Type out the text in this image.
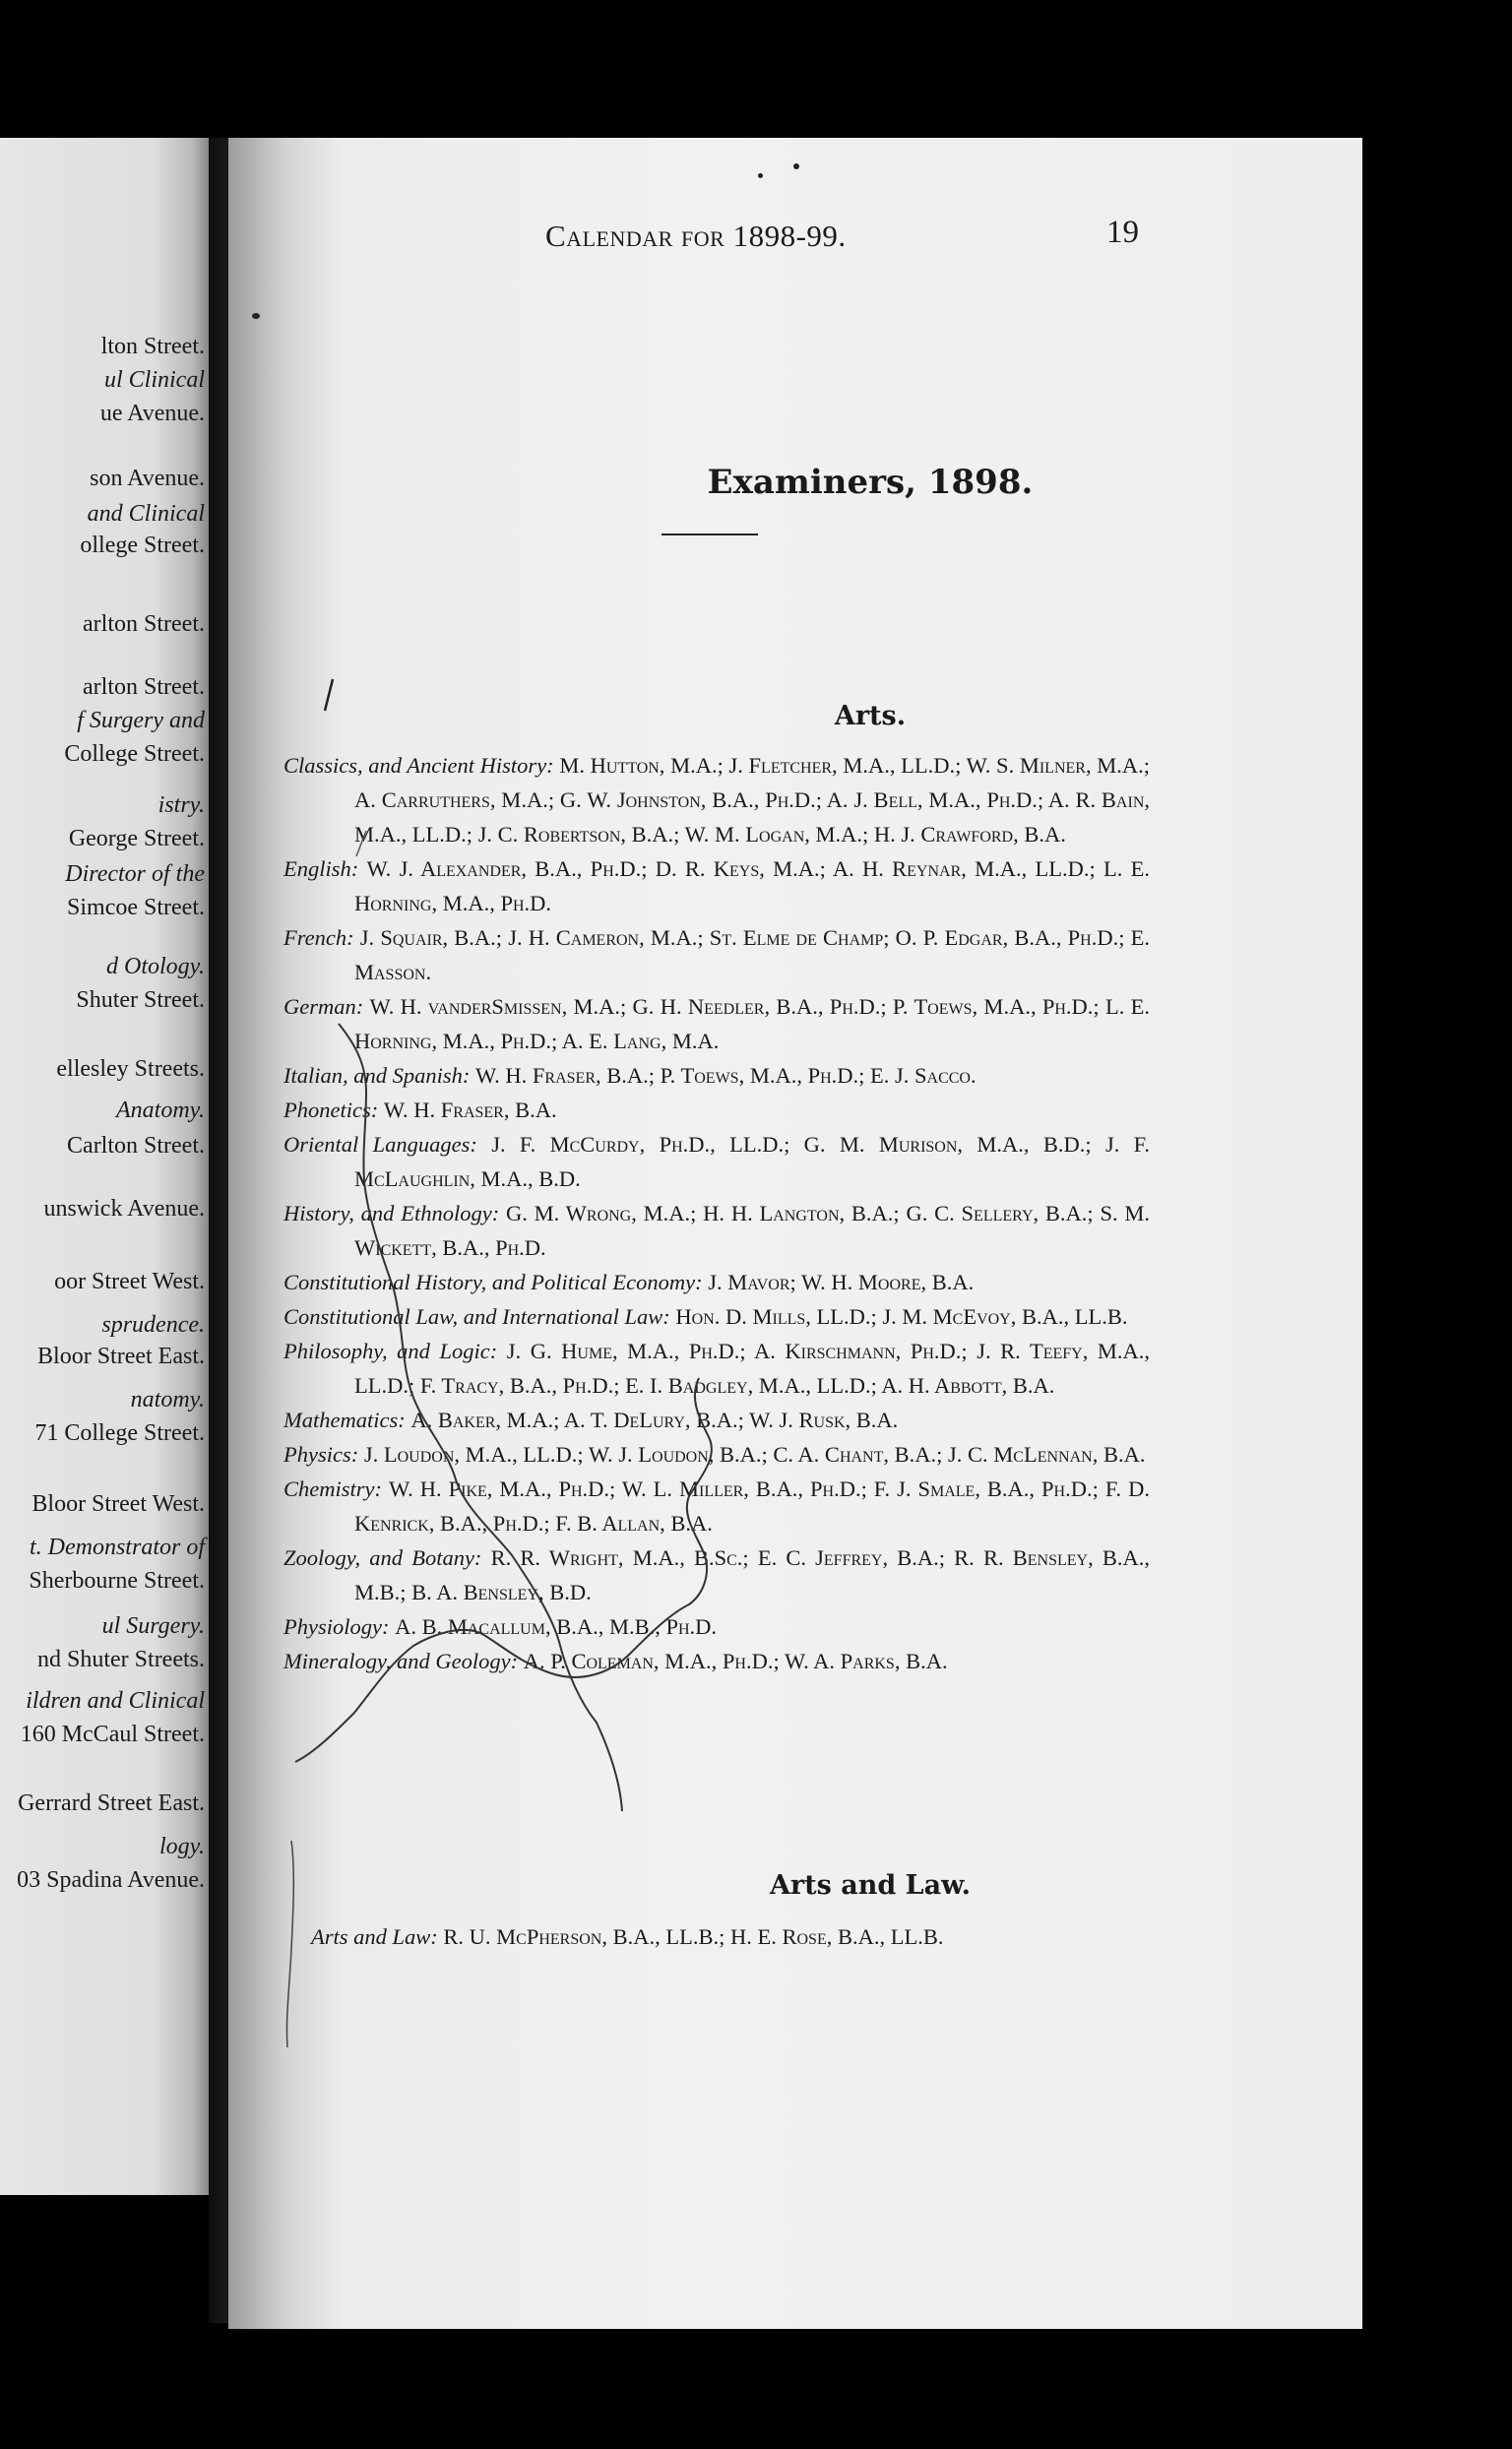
lton Street.
ul Clinical
ue Avenue.
son Avenue.
and Clinical
ollege Street.
arlton Street.
arlton Street.
f Surgery and
College Street.
istry.
George Street.
Director of the
Simcoe Street.
d Otology.
Shuter Street.
ellesley Streets.
Anatomy.
Carlton Street.
unswick Avenue.
oor Street West.
sprudence.
Bloor Street East.
natomy.
71 College Street.
Bloor Street West.
t. Demonstrator of
Sherbourne Street.
ul Surgery.
nd Shuter Streets.
ildren and Clinical
160 McCaul Street.
Gerrard Street East.
logy.
03 Spadina Avenue.
Calendar for 1898-99.	19
Examiners, 1898.
Arts.
Classics, and Ancient History: M. Hutton, M.A.; J. Fletcher, M.A., LL.D.; W. S. Milner, M.A.; A. Carruthers, M.A.; G. W. Johnston, B.A., Ph.D.; A. J. Bell, M.A., Ph.D.; A. R. Bain, M.A., LL.D.; J. C. Robertson, B.A.; W. M. Logan, M.A.; H. J. Crawford, B.A.
English: W. J. Alexander, B.A., Ph.D.; D. R. Keys, M.A.; A. H. Reynar, M.A., LL.D.; L. E. Horning, M.A., Ph.D.
French: J. Squair, B.A.; J. H. Cameron, M.A.; St. Elme de Champ; O. P. Edgar, B.A., Ph.D.; E. Masson.
German: W. H. vanderSmissen, M.A.; G. H. Needler, B.A., Ph.D.; P. Toews, M.A., Ph.D.; L. E. Horning, M.A., Ph.D.; A. E. Lang, M.A.
Italian, and Spanish: W. H. Fraser, B.A.; P. Toews, M.A., Ph.D.; E. J. Sacco.
Phonetics: W. H. Fraser, B.A.
Oriental Languages: J. F. McCurdy, Ph.D., LL.D.; G. M. Murison, M.A., B.D.; J. F. McLaughlin, M.A., B.D.
History, and Ethnology: G. M. Wrong, M.A.; H. H. Langton, B.A.; G. C. Sellery, B.A.; S. M. Wickett, B.A., Ph.D.
Constitutional History, and Political Economy: J. Mavor; W. H. Moore, B.A.
Constitutional Law, and International Law: Hon. D. Mills, LL.D.; J. M. McEvoy, B.A., LL.B.
Philosophy, and Logic: J. G. Hume, M.A., Ph.D.; A. Kirschmann, Ph.D.; J. R. Teefy, M.A., LL.D.; F. Tracy, B.A., Ph.D.; E. I. Badgley, M.A., LL.D.; A. H. Abbott, B.A.
Mathematics: A. Baker, M.A.; A. T. DeLury, B.A.; W. J. Rusk, B.A.
Physics: J. Loudon, M.A., LL.D.; W. J. Loudon, B.A.; C. A. Chant, B.A.; J. C. McLennan, B.A.
Chemistry: W. H. Pike, M.A., Ph.D.; W. L. Miller, B.A., Ph.D.; F. J. Smale, B.A., Ph.D.; F. D. Kenrick, B.A., Ph.D.; F. B. Allan, B.A.
Zoology, and Botany: R. R. Wright, M.A., B.Sc.; E. C. Jeffrey, B.A.; R. R. Bensley, B.A., M.B.; B. A. Bensley, B.D.
Physiology: A. B. Macallum, B.A., M.B., Ph.D.
Mineralogy, and Geology: A. P. Coleman, M.A., Ph.D.; W. A. Parks, B.A.
Arts and Law.
Arts and Law: R. U. McPherson, B.A., LL.B.; H. E. Rose, B.A., LL.B.
